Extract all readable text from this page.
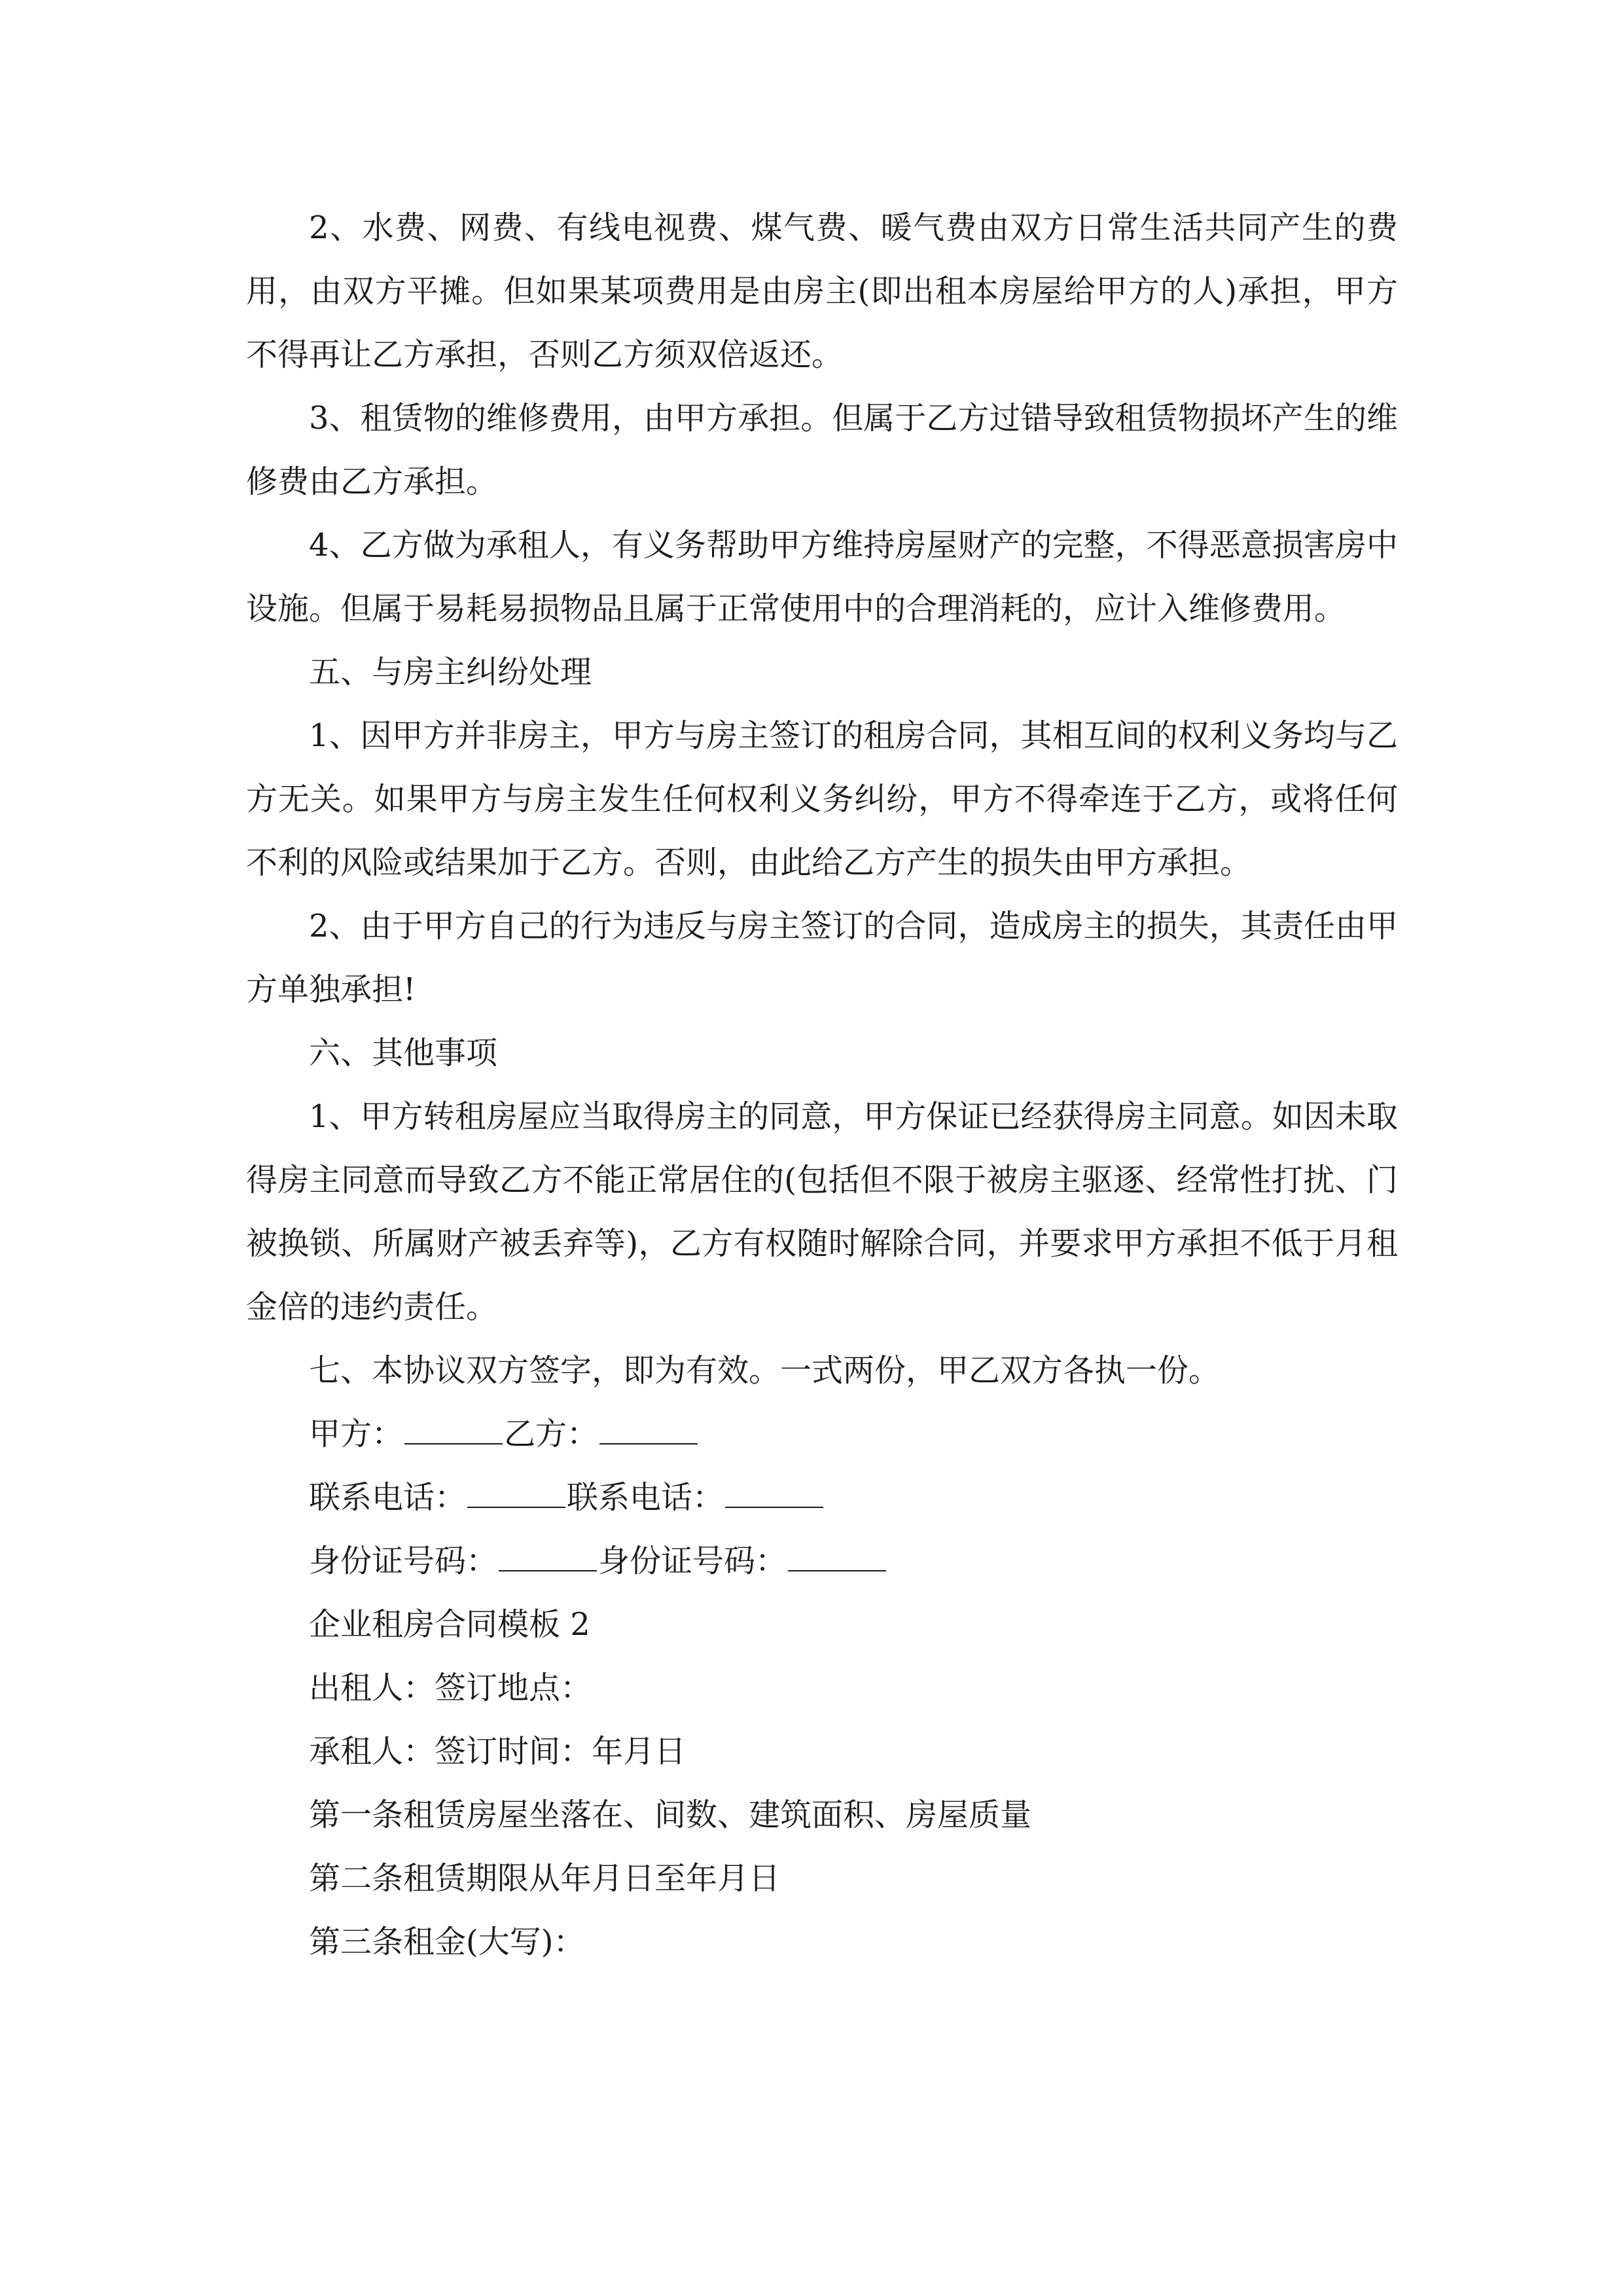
2、水费、网费、有线电视费、煤气费、暖气费由双方日常生活共同产生的费用，由双方平摊。但如果某项费用是由房主(即出租本房屋给甲方的人)承担，甲方不得再让乙方承担，否则乙方须双倍返还。

3、租赁物的维修费用，由甲方承担。但属于乙方过错导致租赁物损坏产生的维修费由乙方承担。

4、乙方做为承租人，有义务帮助甲方维持房屋财产的完整，不得恶意损害房中设施。但属于易耗易损物品且属于正常使用中的合理消耗的，应计入维修费用。

五、与房主纠纷处理

1、因甲方并非房主，甲方与房主签订的租房合同，其相互间的权利义务均与乙方无关。如果甲方与房主发生任何权利义务纠纷，甲方不得牵连于乙方，或将任何不利的风险或结果加于乙方。否则，由此给乙方产生的损失由甲方承担。

2、由于甲方自己的行为违反与房主签订的合同，造成房主的损失，其责任由甲方单独承担!

六、其他事项

1、甲方转租房屋应当取得房主的同意，甲方保证已经获得房主同意。如因未取得房主同意而导致乙方不能正常居住的(包括但不限于被房主驱逐、经常性打扰、门被换锁、所属财产被丢弃等)，乙方有权随时解除合同，并要求甲方承担不低于月租金倍的违约责任。

七、本协议双方签字，即为有效。一式两份，甲乙双方各执一份。

甲方：	乙方：

联系电话：	联系电话：

身份证号码：	身份证号码：

企业租房合同模板 2

出租人：签订地点：

承租人：签订时间：年月日

第一条租赁房屋坐落在、间数、建筑面积、房屋质量

第二条租赁期限从年月日至年月日

第三条租金(大写)：
